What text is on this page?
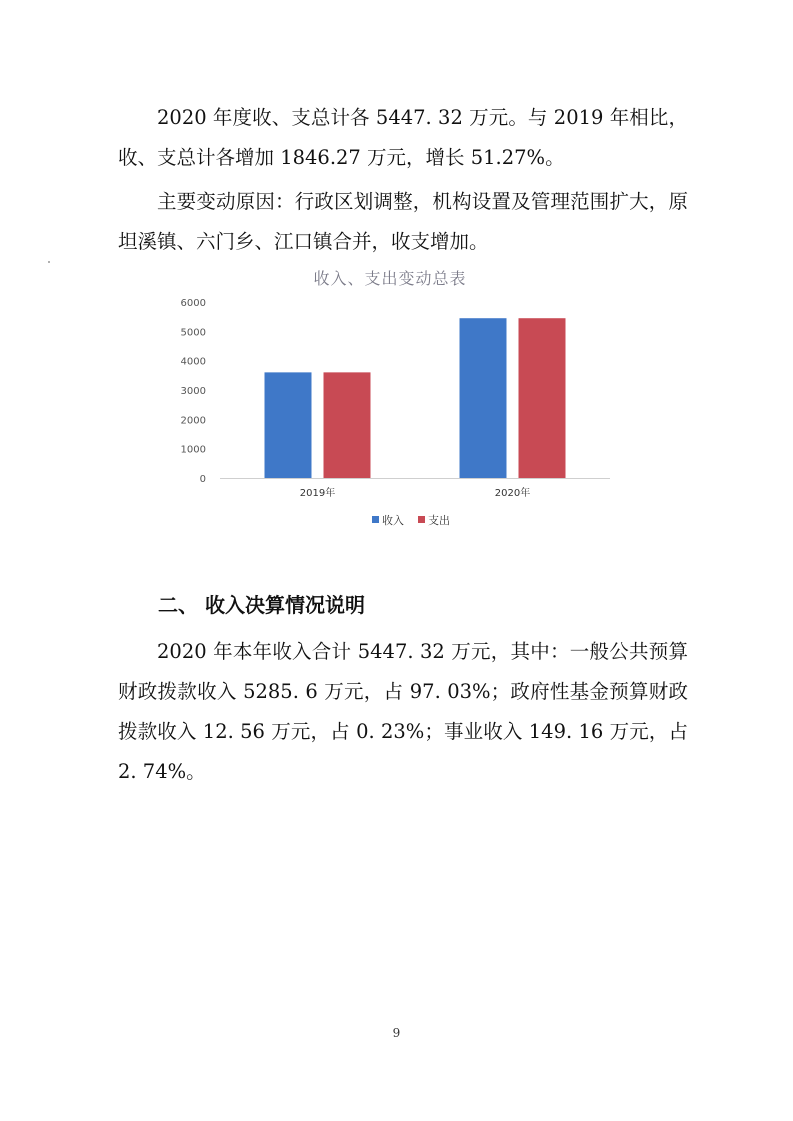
2020 年度收、支总计各 5447. 32 万元。与 2019 年相比，收、支总计各增加 1846.27 万元，增长 51.27%。

主要变动原因：行政区划调整，机构设置及管理范围扩大，原坦溪镇、六门乡、江口镇合并，收支增加。

收入、支出变动总表
0
1000
2000
3000
4000
5000
6000
2019年	2020年
收入 支出
二、 收入决算情况说明

2020 年本年收入合计 5447. 32 万元，其中：一般公共预算财政拨款收入 5285. 6 万元，占 97. 03%；政府性基金预算财政拨款收入 12. 56 万元，占 0. 23%；事业收入 149. 16 万元，占 2. 74%。

9
